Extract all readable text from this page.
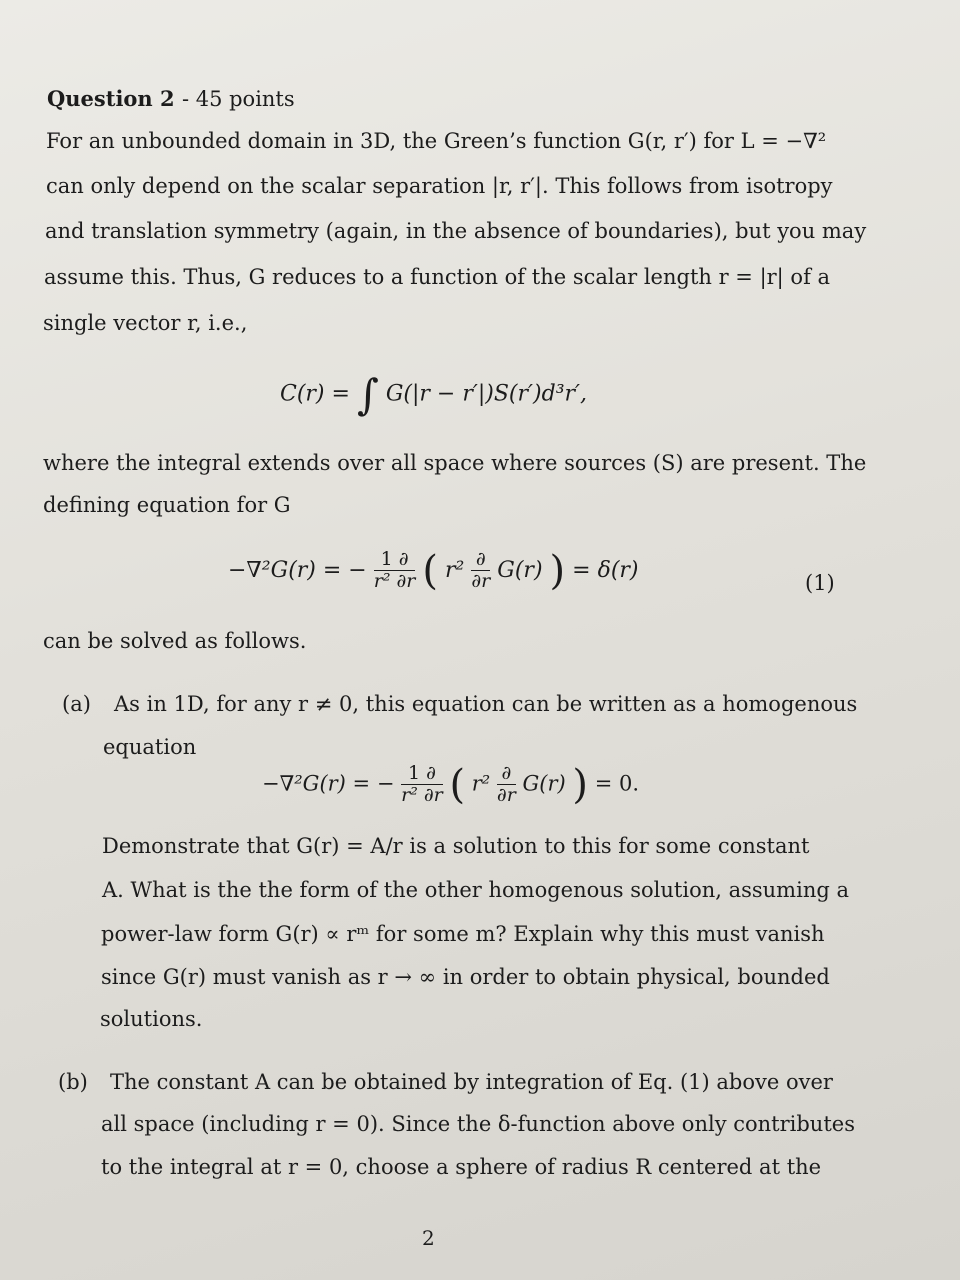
Question 2 - 45 points
For an unbounded domain in 3D, the Green’s function G(r, r′) for L = −∇²
can only depend on the scalar separation |r, r′|. This follows from isotropy
and translation symmetry (again, in the absence of boundaries), but you may
assume this. Thus, G reduces to a function of the scalar length r = |r| of a
single vector r, i.e.,
C(r) = ∫ G(|r − r′|)S(r′)d³r′,
where the integral extends over all space where sources (S) are present. The
defining equation for G
−∇²G(r) = − $\frac{1 \partial}{\text{r² ∂r}}$ ( $r^2 \frac{\partial}{\partial r} G(r)$ ) = δ(r)	(1)
can be solved as follows.
(a) As in 1D, for any r ≠ 0, this equation can be written as a homogenous
equation
−∇²G(r) = − $\frac{1 \partial}{\text{r² ∂r}}$ ( $r^2 \frac{\partial}{\partial r} G(r)$ ) = 0.
Demonstrate that G(r) = A/r is a solution to this for some constant
A. What is the the form of the other homogenous solution, assuming a
power-law form G(r) ∝ rᵐ for some m? Explain why this must vanish
since G(r) must vanish as r → ∞ in order to obtain physical, bounded
solutions.
(b) The constant A can be obtained by integration of Eq. (1) above over
all space (including r = 0). Since the δ-function above only contributes
to the integral at r = 0, choose a sphere of radius R centered at the
2
